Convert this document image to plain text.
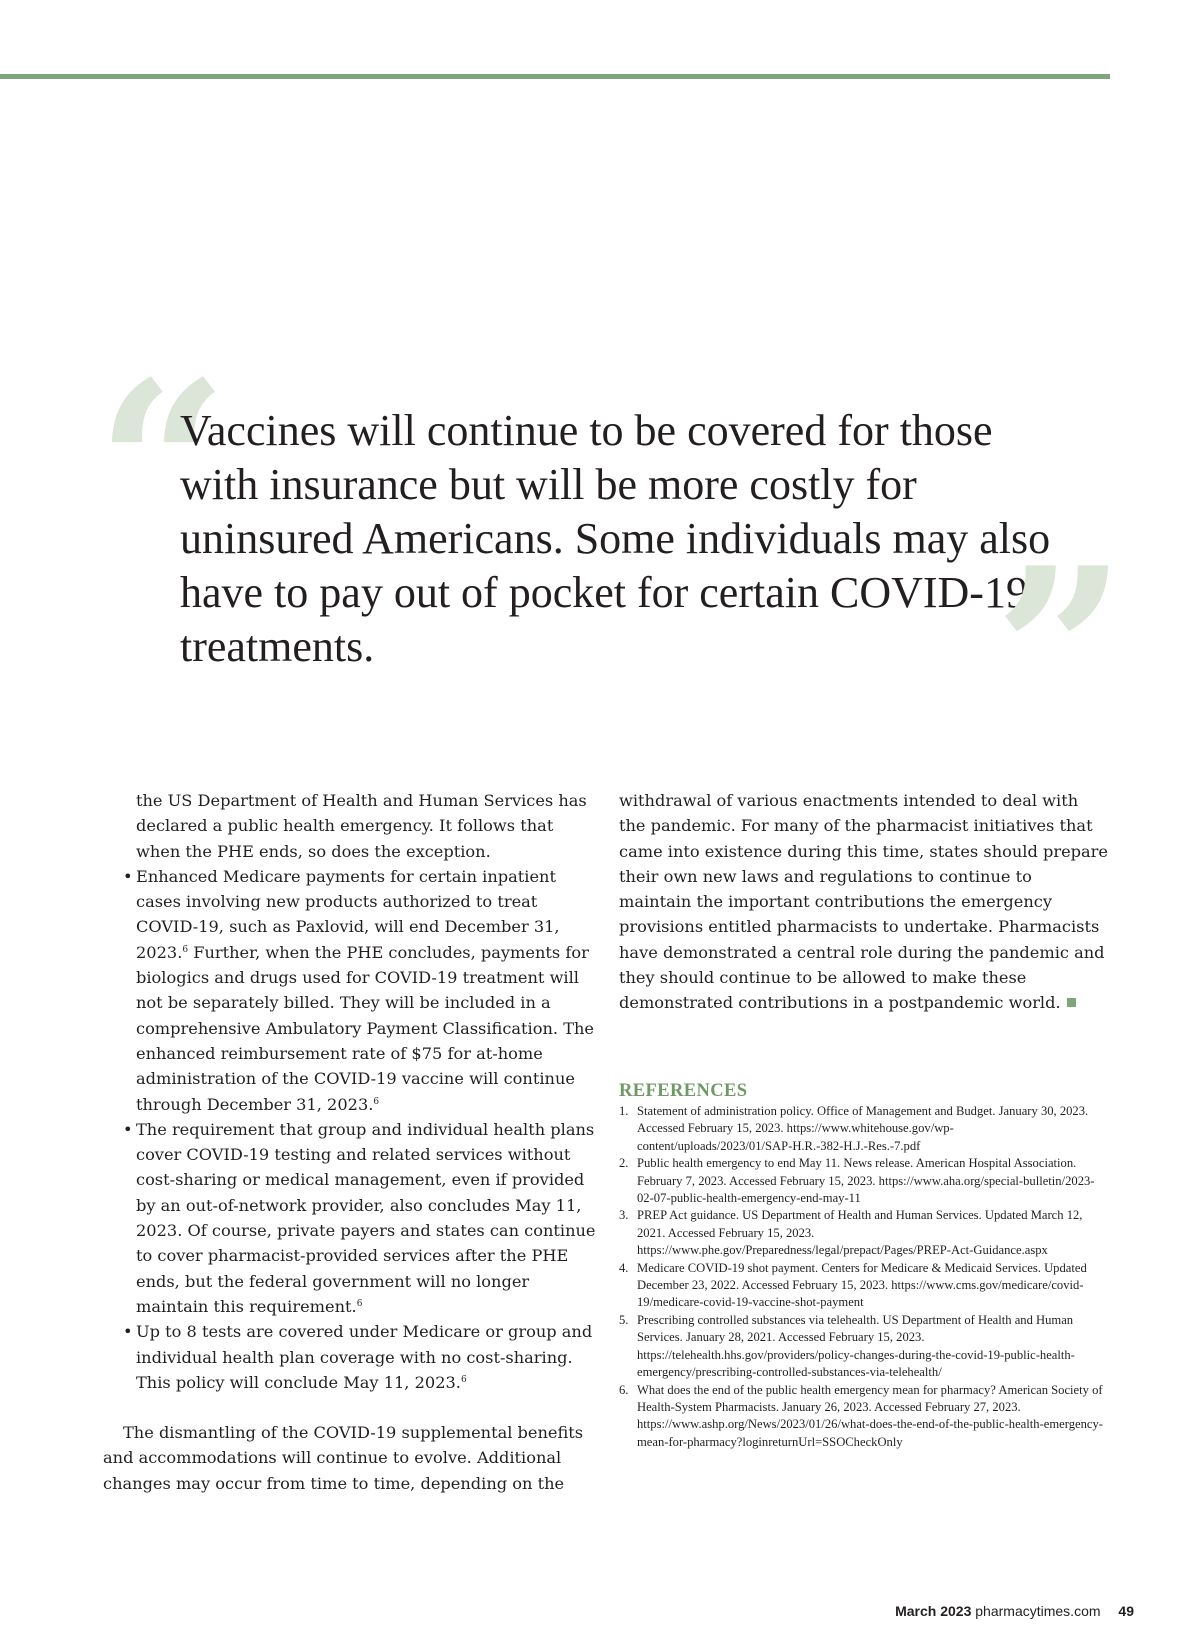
“

Vaccines will continue to be covered for those with insurance but will be more costly for uninsured Americans. Some individuals may also have to pay out of pocket for certain COVID-19 treatments.	”

the US Department of Health and Human Services has declared a public health emergency. It follows that when the PHE ends, so does the exception.

• Enhanced Medicare payments for certain inpatient cases involving new products authorized to treat COVID-19, such as Paxlovid, will end December 31, 2023.$^6$ Further, when the PHE concludes, payments for biologics and drugs used for COVID-19 treatment will not be separately billed. They will be included in a comprehensive Ambulatory Payment Classification. The enhanced reimbursement rate of $75 for at-home administration of the COVID-19 vaccine will continue through December 31, 2023.$^6$
• The requirement that group and individual health plans cover COVID-19 testing and related services without cost-sharing or medical management, even if provided by an out-of-network provider, also concludes May 11, 2023. Of course, private payers and states can continue to cover pharmacist-provided services after the PHE ends, but the federal government will no longer maintain this requirement.$^6$
• Up to 8 tests are covered under Medicare or group and individual health plan coverage with no cost-sharing. This policy will conclude May 11, 2023.$^6$

The dismantling of the COVID-19 supplemental benefits and accommodations will continue to evolve. Additional changes may occur from time to time, depending on the

withdrawal of various enactments intended to deal with the pandemic. For many of the pharmacist initiatives that came into existence during this time, states should prepare their own new laws and regulations to continue to maintain the important contributions the emergency provisions entitled pharmacists to undertake. Pharmacists have demonstrated a central role during the pandemic and they should continue to be allowed to make these demonstrated contributions in a postpandemic world.

REFERENCES
1. Statement of administration policy. Office of Management and Budget. January 30, 2023. Accessed February 15, 2023. https://www.whitehouse.gov/wp-content/uploads/2023/01/SAP-H.R.-382-H.J.-Res.-7.pdf
2. Public health emergency to end May 11. News release. American Hospital Association. February 7, 2023. Accessed February 15, 2023. https://www.aha.org/special-bulletin/2023-02-07-public-health-emergency-end-may-11
3. PREP Act guidance. US Department of Health and Human Services. Updated March 12, 2021. Accessed February 15, 2023. https://www.phe.gov/Preparedness/legal/prepact/Pages/PREP-Act-Guidance.aspx
4. Medicare COVID-19 shot payment. Centers for Medicare & Medicaid Services. Updated December 23, 2022. Accessed February 15, 2023. https://www.cms.gov/medicare/covid-19/medicare-covid-19-vaccine-shot-payment
5. Prescribing controlled substances via telehealth. US Department of Health and Human Services. January 28, 2021. Accessed February 15, 2023. https://telehealth.hhs.gov/providers/policy-changes-during-the-covid-19-public-health-emergency/prescribing-controlled-substances-via-telehealth/
6. What does the end of the public health emergency mean for pharmacy? American Society of Health-System Pharmacists. January 26, 2023. Accessed February 27, 2023. https://www.ashp.org/News/2023/01/26/what-does-the-end-of-the-public-health-emergency-mean-for-pharmacy?loginreturnUrl=SSOCheckOnly
March 2023 pharmacytimes.com 49
